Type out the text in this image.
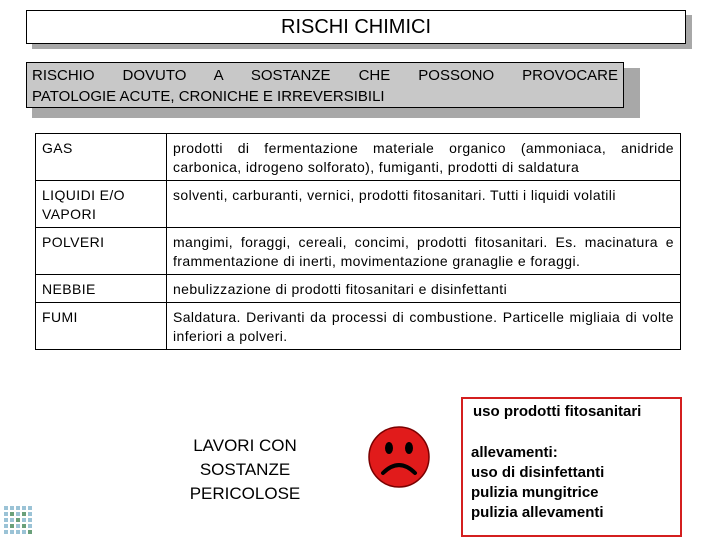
RISCHI CHIMICI
RISCHIO DOVUTO A SOSTANZE CHE POSSONO PROVOCARE
PATOLOGIE ACUTE, CRONICHE E IRREVERSIBILI
GAS	prodotti di fermentazione materiale organico (ammoniaca, anidride carbonica, idrogeno solforato), fumiganti, prodotti di saldatura
LIQUIDI E/O VAPORI	solventi, carburanti, vernici, prodotti fitosanitari. Tutti i liquidi volatili
POLVERI	mangimi, foraggi, cereali, concimi, prodotti fitosanitari. Es. macinatura e frammentazione di inerti, movimentazione granaglie e foraggi.
NEBBIE	nebulizzazione di prodotti fitosanitari e disinfettanti
FUMI	Saldatura. Derivanti da processi di combustione. Particelle migliaia di volte inferiori a polveri.
LAVORI CON
SOSTANZE
PERICOLOSE
uso prodotti fitosanitari
allevamenti:
uso di disinfettanti
pulizia mungitrice
pulizia allevamenti
